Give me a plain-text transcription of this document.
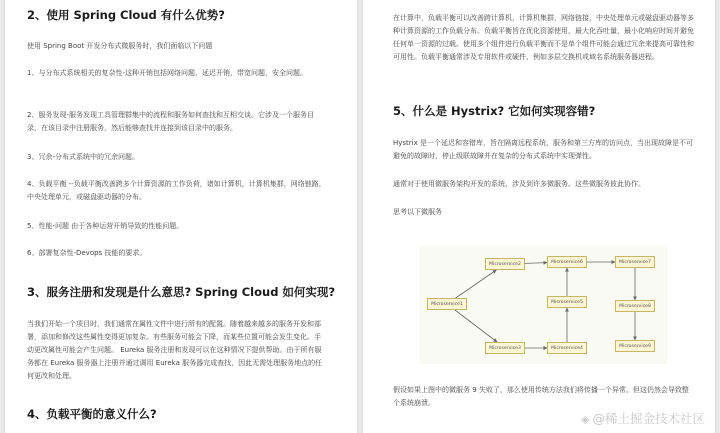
2、使用 Spring Cloud 有什么优势?

使用 Spring Boot 开发分布式微服务时，我们面临以下问题

1、与分布式系统相关的复杂性-这种开销包括网络问题，延迟开销，带宽问题，安全问题。

2、服务发现-服务发现工具管理群集中的流程和服务如何查找和互相交谈。它涉及一个服务目录，在该目录中注册服务，然后能够查找并连接到该目录中的服务。

3、冗余-分布式系统中的冗余问题。

4、负载平衡 --负载平衡改善跨多个计算资源的工作负荷，诸如计算机，计算机集群，网络链路，中央处理单元，或磁盘驱动器的分布。

5、性能-问题 由于各种运营开销导致的性能问题。

6、部署复杂性-Devops 技能的要求。

3、服务注册和发现是什么意思? Spring Cloud 如何实现?

当我们开始一个项目时，我们通常在属性文件中进行所有的配置。随着越来越多的服务开发和部署，添加和修改这些属性变得更加复杂。有些服务可能会下降，而某些位置可能会发生变化。手动更改属性可能会产生问题。 Eureka 服务注册和发现可以在这种情况下提供帮助。由于所有服务都在 Eureka 服务器上注册并通过调用 Eureka 服务器完成查找，因此无需处理服务地点的任何更改和处理。

4、负载平衡的意义什么?

在计算中，负载平衡可以改善跨计算机，计算机集群，网络链接，中央处理单元或磁盘驱动器等多种计算资源的工作负载分布。负载平衡旨在优化资源使用，最大化吞吐量，最小化响应时间并避免任何单一资源的过载。使用多个组件进行负载平衡而不是单个组件可能会通过冗余来提高可靠性和可用性。负载平衡通常涉及专用软件或硬件，例如多层交换机或域名系统服务器进程。

5、什么是 Hystrix? 它如何实现容错?

Hystrix 是一个延迟和容错库，旨在隔离远程系统，服务和第三方库的访问点，当出现故障是不可避免的故障时，停止级联故障并在复杂的分布式系统中实现弹性。

通常对于使用微服务架构开发的系统，涉及到许多微服务。这些微服务彼此协作。

思考以下微服务

Microservice1
Microservice2
Microservice3	Microservice4
Microservice5
Microservice6	Microservice7
Microservice8
Microservice9

假设如果上图中的微服务 9 失败了，那么使用传统方法我们将传播一个异常。但这仍然会导致整个系统崩溃。

◈ @稀土掘金技术社区
